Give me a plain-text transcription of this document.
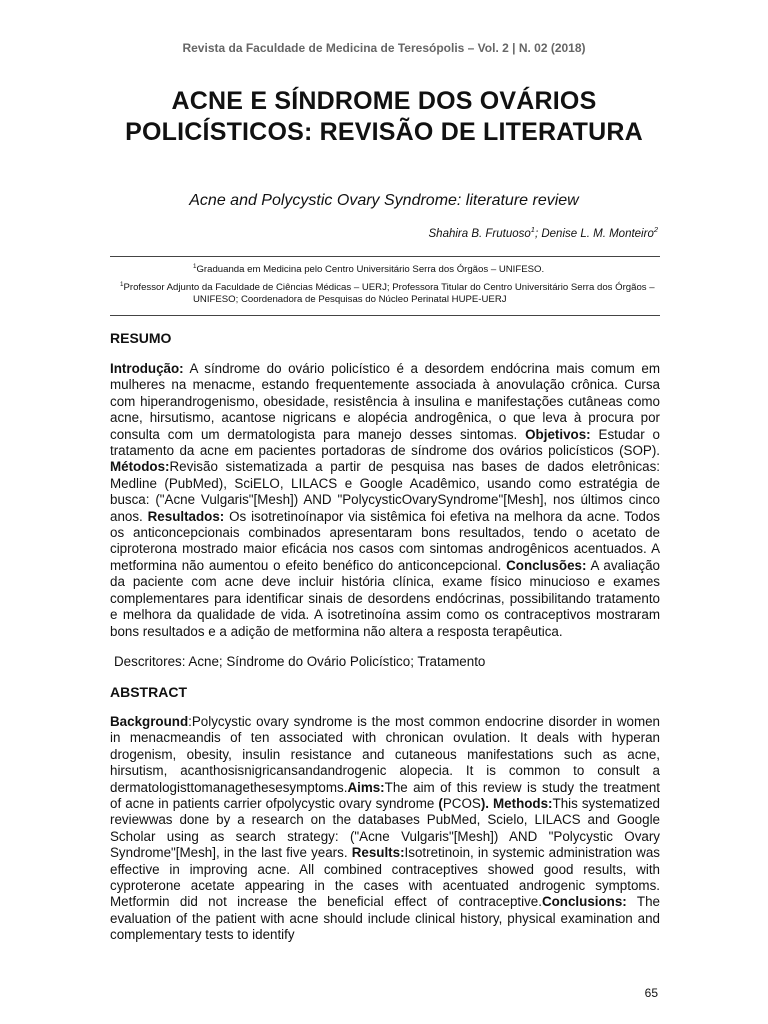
Revista da Faculdade de Medicina de Teresópolis – Vol. 2 | N. 02 (2018)
ACNE E SÍNDROME DOS OVÁRIOS POLICÍSTICOS: REVISÃO DE LITERATURA
Acne and Polycystic Ovary Syndrome: literature review
Shahira B. Frutuoso$^1$; Denise L. M. Monteiro$^2$
$^1$Graduanda em Medicina pelo Centro Universitário Serra dos Órgãos – UNIFESO.
$^1$Professor Adjunto da Faculdade de Ciências Médicas – UERJ; Professora Titular do Centro Universitário Serra dos Órgãos – UNIFESO; Coordenadora de Pesquisas do Núcleo Perinatal HUPE-UERJ
RESUMO
Introdução: A síndrome do ovário policístico é a desordem endócrina mais comum em mulheres na menacme, estando frequentemente associada à anovulação crônica. Cursa com hiperandrogenismo, obesidade, resistência à insulina e manifestações cutâneas como acne, hirsutismo, acantose nigricans e alopécia androgênica, o que leva à procura por consulta com um dermatologista para manejo desses sintomas. Objetivos: Estudar o tratamento da acne em pacientes portadoras de síndrome dos ovários policísticos (SOP). Métodos:Revisão sistematizada a partir de pesquisa nas bases de dados eletrônicas: Medline (PubMed), SciELO, LILACS e Google Acadêmico, usando como estratégia de busca: ("Acne Vulgaris"[Mesh]) AND "PolycysticOvarySyndrome"[Mesh], nos últimos cinco anos. Resultados: Os isotretinoínapor via sistêmica foi efetiva na melhora da acne. Todos os anticoncepcionais combinados apresentaram bons resultados, tendo o acetato de ciproterona mostrado maior eficácia nos casos com sintomas androgênicos acentuados. A metformina não aumentou o efeito benéfico do anticoncepcional. Conclusões: A avaliação da paciente com acne deve incluir história clínica, exame físico minucioso e exames complementares para identificar sinais de desordens endócrinas, possibilitando tratamento e melhora da qualidade de vida. A isotretinoína assim como os contraceptivos mostraram bons resultados e a adição de metformina não altera a resposta terapêutica.
Descritores: Acne; Síndrome do Ovário Policístico; Tratamento
ABSTRACT
Background:Polycystic ovary syndrome is the most common endocrine disorder in women in menacmeandis of ten associated with chronican ovulation. It deals with hyperan drogenism, obesity, insulin resistance and cutaneous manifestations such as acne, hirsutism, acanthosisnigricansandandrogenic alopecia. It is common to consult a dermatologisttomanagethesesymptoms.Aims:The aim of this review is study the treatment of acne in patients carrier ofpolycystic ovary syndrome (PCOS). Methods:This systematized reviewwas done by a research on the databases PubMed, Scielo, LILACS and Google Scholar using as search strategy: ("Acne Vulgaris"[Mesh]) AND "Polycystic Ovary Syndrome"[Mesh], in the last five years. Results:Isotretinoin, in systemic administration was effective in improving acne. All combined contraceptives showed good results, with cyproterone acetate appearing in the cases with acentuated androgenic symptoms. Metformin did not increase the beneficial effect of contraceptive.Conclusions: The evaluation of the patient with acne should include clinical history, physical examination and complementary tests to identify
65
